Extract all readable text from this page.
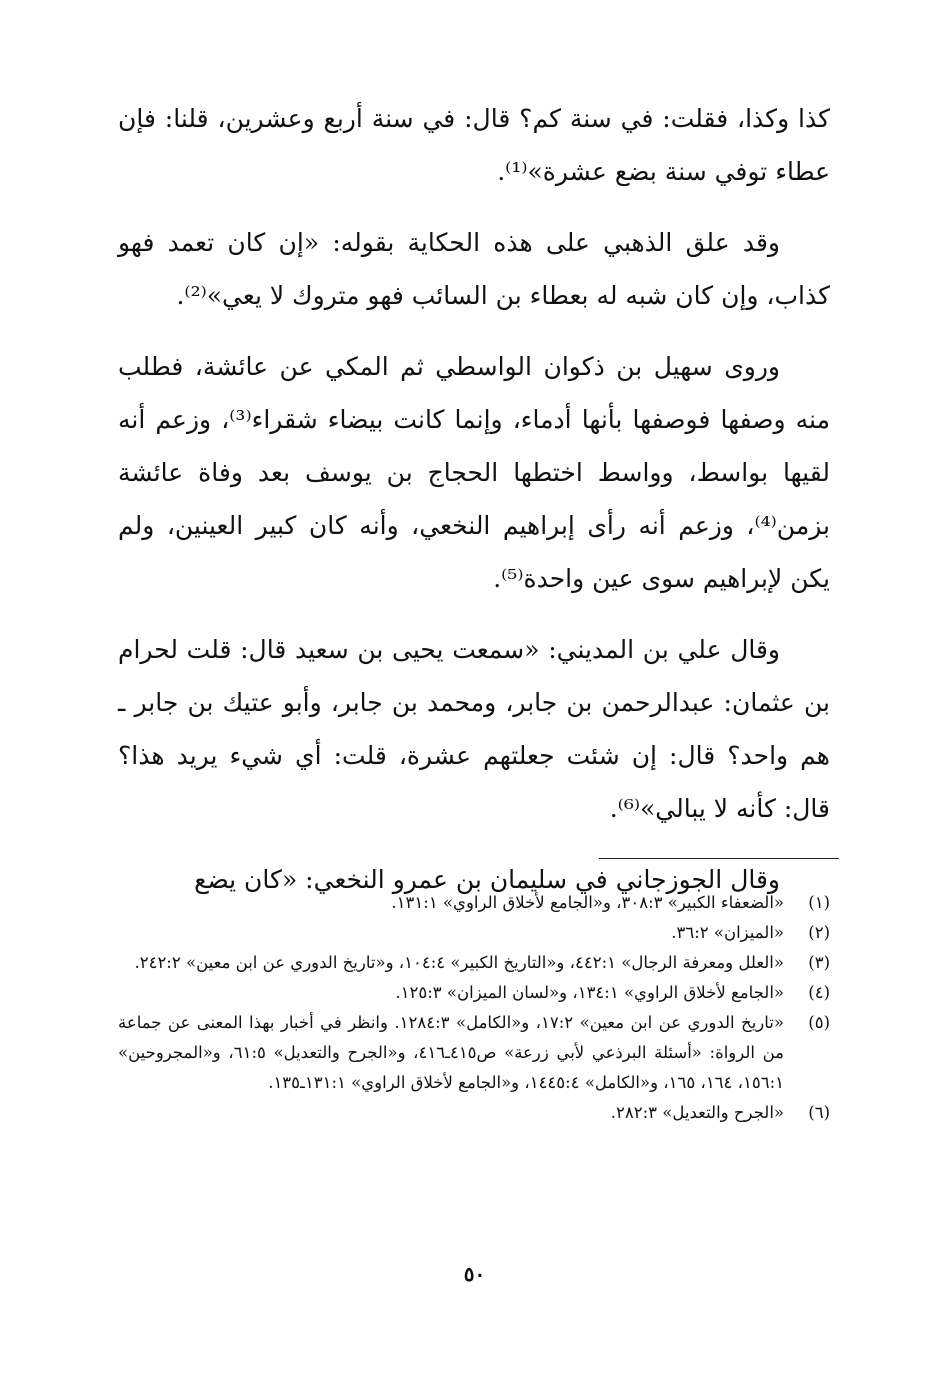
كذا وكذا، فقلت: في سنة كم؟ قال: في سنة أربع وعشرين، قلنا: فإن عطاء توفي سنة بضع عشرة»⁽¹⁾.

وقد علق الذهبي على هذه الحكاية بقوله: «إن كان تعمد فهو كذاب، وإن كان شبه له بعطاء بن السائب فهو متروك لا يعي»⁽²⁾.

وروى سهيل بن ذكوان الواسطي ثم المكي عن عائشة، فطلب منه وصفها فوصفها بأنها أدماء، وإنما كانت بيضاء شقراء⁽³⁾، وزعم أنه لقيها بواسط، وواسط اختطها الحجاج بن يوسف بعد وفاة عائشة بزمن⁽⁴⁾، وزعم أنه رأى إبراهيم النخعي، وأنه كان كبير العينين، ولم يكن لإبراهيم سوى عين واحدة⁽⁵⁾.

وقال علي بن المديني: «سمعت يحيى بن سعيد قال: قلت لحرام بن عثمان: عبدالرحمن بن جابر، ومحمد بن جابر، وأبو عتيك بن جابر ـ هم واحد؟ قال: إن شئت جعلتهم عشرة، قلت: أي شيء يريد هذا؟ قال: كأنه لا يبالي»⁽⁶⁾.

وقال الجوزجاني في سليمان بن عمرو النخعي: «كان يضع

(١)
«الضعفاء الكبير» ٣٠٨:٣، و«الجامع لأخلاق الراوي» ١٣١:١.
(٢)
«الميزان» ٣٦:٢.
(٣)
«العلل ومعرفة الرجال» ٤٤٢:١، و«التاريخ الكبير» ١٠٤:٤، و«تاريخ الدوري عن ابن معين» ٢٤٢:٢.
(٤)
«الجامع لأخلاق الراوي» ١٣٤:١، و«لسان الميزان» ١٢٥:٣.
(٥)
«تاريخ الدوري عن ابن معين» ١٧:٢، و«الكامل» ١٢٨٤:٣. وانظر في أخبار بهذا المعنى عن جماعة من الرواة: «أسئلة البرذعي لأبي زرعة» ص٤١٥ـ٤١٦، و«الجرح والتعديل» ٦١:٥، و«المجروحين» ١٥٦:١، ١٦٤، ١٦٥، و«الكامل» ١٤٤٥:٤، و«الجامع لأخلاق الراوي» ١٣١:١ـ١٣٥.
(٦)
«الجرح والتعديل» ٢٨٢:٣.
٥٠
